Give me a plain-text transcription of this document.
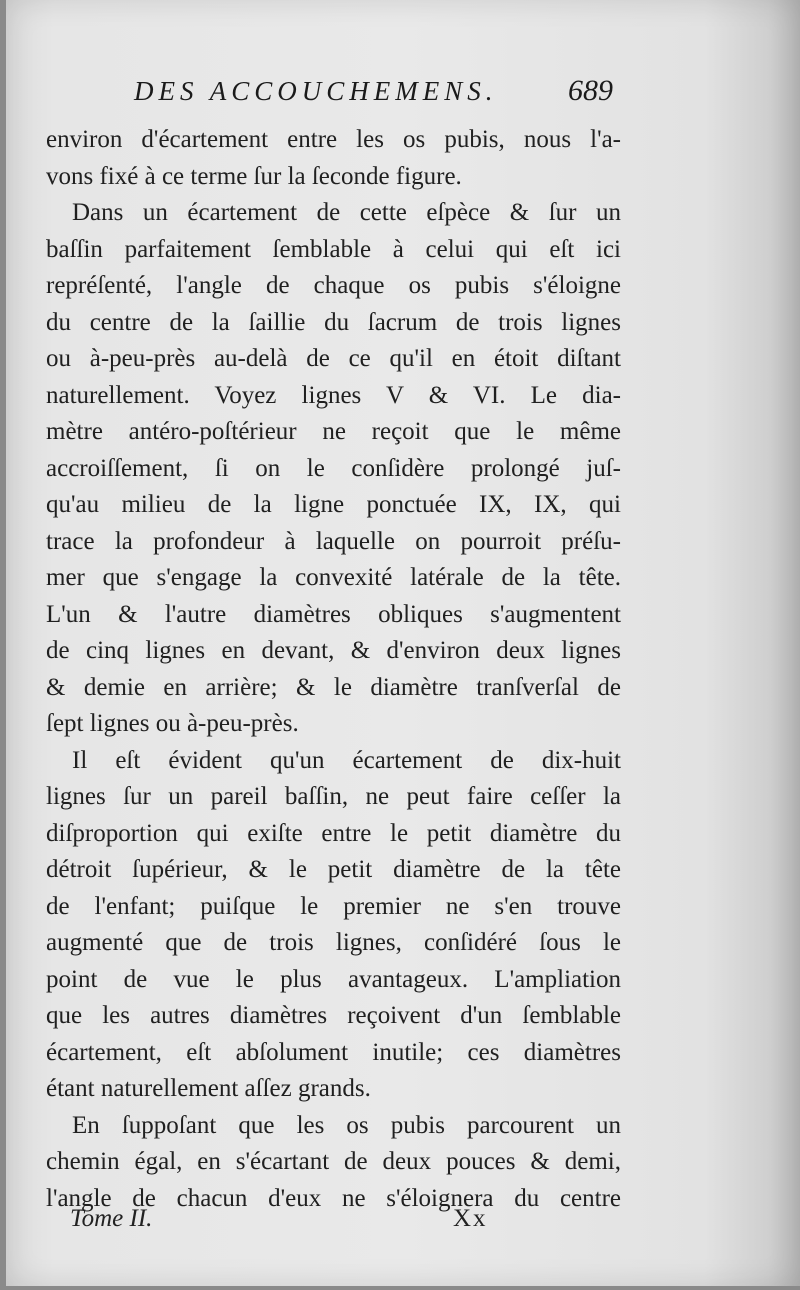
DES ACCOUCHEMENS. 689
environ d'écartement entre les os pubis, nous l'a-
vons fixé à ce terme ſur la ſeconde figure.
Dans un écartement de cette eſpèce & ſur un
baſſin parfaitement ſemblable à celui qui eſt ici
repréſenté, l'angle de chaque os pubis s'éloigne
du centre de la ſaillie du ſacrum de trois lignes
ou à-peu-près au-delà de ce qu'il en étoit diſtant
naturellement. Voyez lignes V & VI. Le dia-
mètre antéro-poſtérieur ne reçoit que le même
accroiſſement, ſi on le conſidère prolongé juſ-
qu'au milieu de la ligne ponctuée IX, IX, qui
trace la profondeur à laquelle on pourroit préſu-
mer que s'engage la convexité latérale de la tête.
L'un & l'autre diamètres obliques s'augmentent
de cinq lignes en devant, & d'environ deux lignes
& demie en arrière; & le diamètre tranſverſal de
ſept lignes ou à-peu-près.
Il eſt évident qu'un écartement de dix-huit
lignes ſur un pareil baſſin, ne peut faire ceſſer la
diſproportion qui exiſte entre le petit diamètre du
détroit ſupérieur, & le petit diamètre de la tête
de l'enfant; puiſque le premier ne s'en trouve
augmenté que de trois lignes, conſidéré ſous le
point de vue le plus avantageux. L'ampliation
que les autres diamètres reçoivent d'un ſemblable
écartement, eſt abſolument inutile; ces diamètres
étant naturellement aſſez grands.
En ſuppoſant que les os pubis parcourent un
chemin égal, en s'écartant de deux pouces & demi,
l'angle de chacun d'eux ne s'éloignera du centre
Tome II.	Xx
